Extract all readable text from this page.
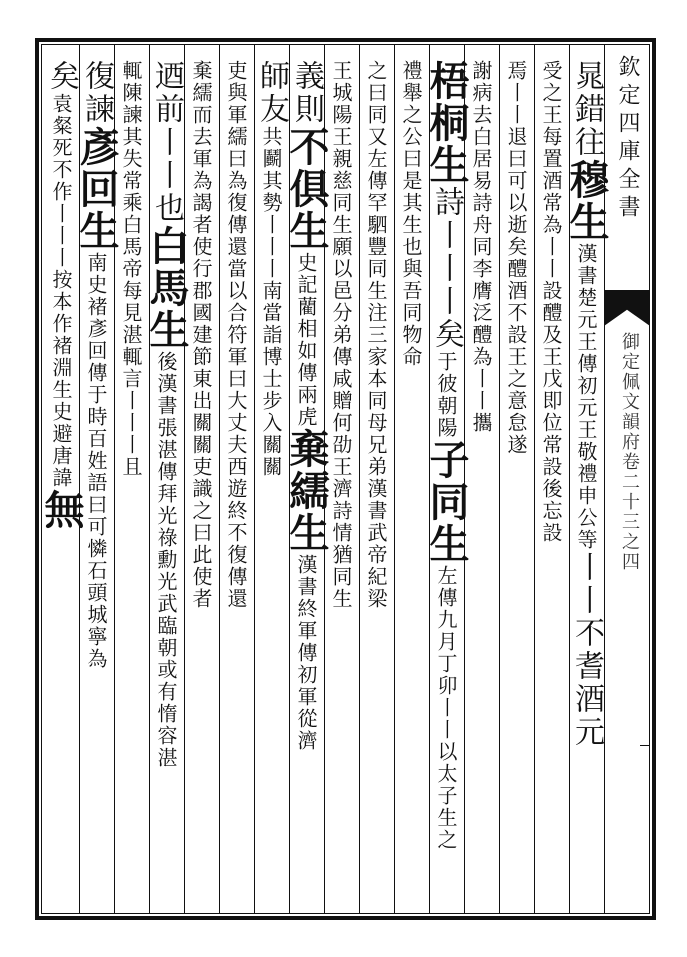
欽定四庫全書
御定佩文韻府卷二十三之四
晁錯往穆生漢書楚元王傳初元王敬禮申公等丨丨不耆酒元
受之王每置酒常為丨丨設醴及王戊即位常設後忘設
焉丨丨退曰可以逝矣醴酒不設王之意怠遂
謝病去白居易詩舟同李膺泛醴為丨丨攜
梧桐生詩丨丨丨矣于彼朝陽子同生左傳九月丁卯丨丨以太子生之
禮舉之公曰是其生也與吾同物命
之曰同又左傳罕駟豐同生注三家本同母兄弟漢書武帝紀梁
王城陽王親慈同生願以邑分弟傳咸贈何劭王濟詩情猶同生
義則不俱生史記藺相如傳兩虎棄繻生漢書終軍傳初軍從濟
師友共鬬其勢丨丨丨南當詣博士步入關關
吏與軍繻曰為復傳還當以合符軍曰大丈夫西遊終不復傳還
棄繻而去軍為謁者使行郡國建節東出關關吏識之曰此使者
迺前丨丨也白馬生後漢書張湛傳拜光祿勳光武臨朝或有惰容湛
輒陳諫其失常乘白馬帝每見湛輒言丨丨丨且
復諫彥回生南史褚彥回傳于時百姓語曰可憐石頭城寧為
矣袁粲死不作丨丨丨按本作褚淵生史避唐諱無
